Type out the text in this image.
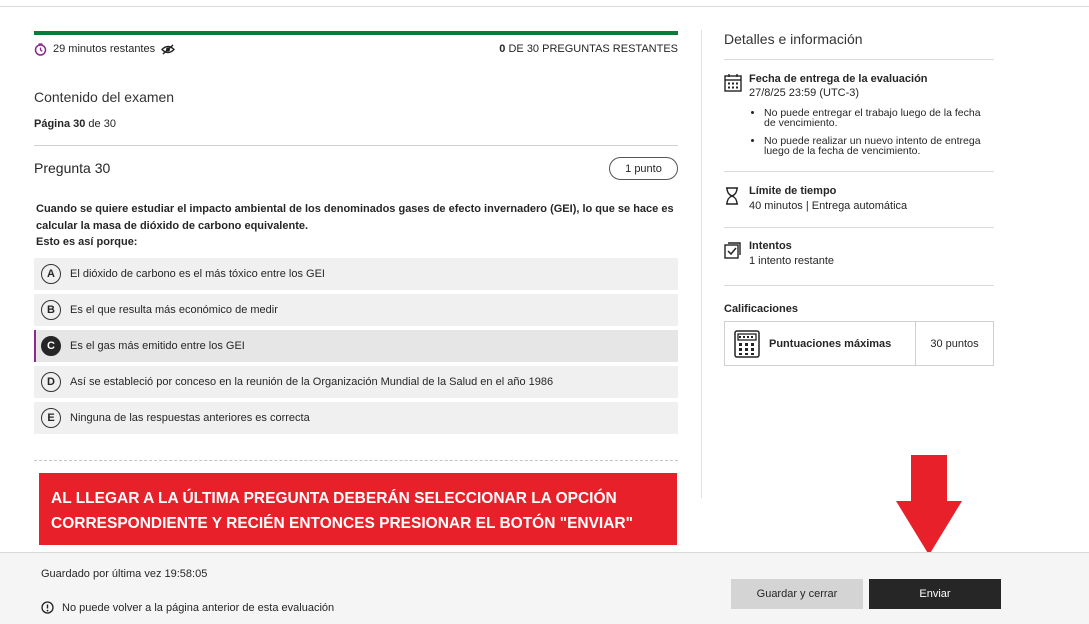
29 minutos restantes	0 DE 30 PREGUNTAS RESTANTES
Contenido del examen
Página 30 de 30
Pregunta 30	1 punto
Cuando se quiere estudiar el impacto ambiental de los denominados gases de efecto invernadero (GEI), lo que se hace es
calcular la masa de dióxido de carbono equivalente.
Esto es así porque:
A	El dióxido de carbono es el más tóxico entre los GEI
B	Es el que resulta más económico de medir
C	Es el gas más emitido entre los GEI
D	Así se estableció por conceso en la reunión de la Organización Mundial de la Salud en el año 1986
E	Ninguna de las respuestas anteriores es correcta
AL LLEGAR A LA ÚLTIMA PREGUNTA DEBERÁN SELECCIONAR LA OPCIÓN
CORRESPONDIENTE Y RECIÉN ENTONCES PRESIONAR EL BOTÓN "ENVIAR"
Detalles e información
Fecha de entrega de la evaluación
27/8/25 23:59 (UTC-3)
• No puede entregar el trabajo luego de la fecha de vencimiento.
• No puede realizar un nuevo intento de entrega luego de la fecha de vencimiento.
Límite de tiempo
40 minutos | Entrega automática
Intentos
1 intento restante
Calificaciones
Puntuaciones máximas	30 puntos
Guardado por última vez 19:58:05
No puede volver a la página anterior de esta evaluación
Guardar y cerrar	Enviar
